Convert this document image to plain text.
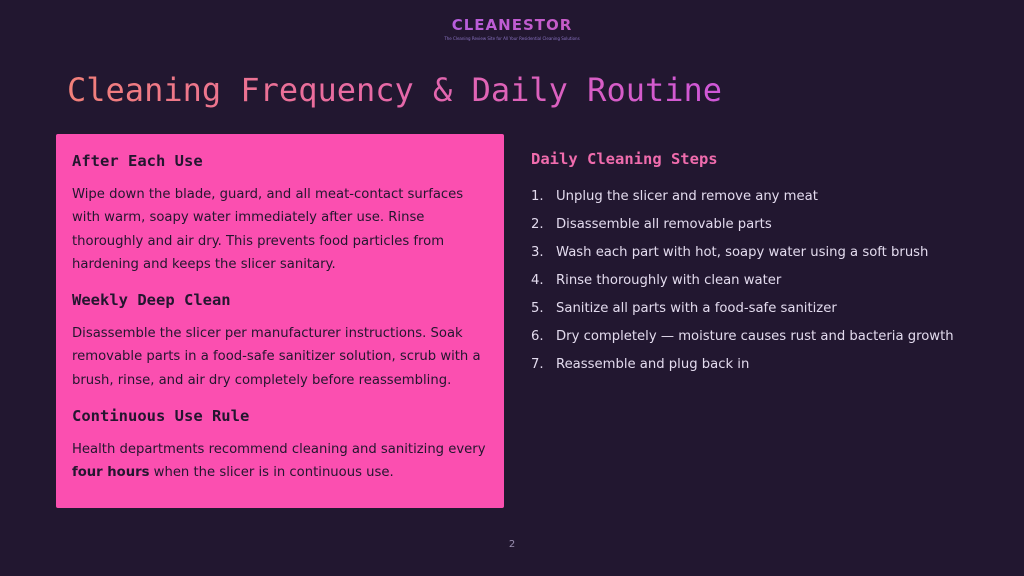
CLEANESTOR
The Cleaning Review Site for All Your Residential Cleaning Solutions
Cleaning Frequency & Daily Routine
After Each Use

Wipe down the blade, guard, and all meat-contact surfaces with warm, soapy water immediately after use. Rinse thoroughly and air dry. This prevents food particles from hardening and keeps the slicer sanitary.

Weekly Deep Clean

Disassemble the slicer per manufacturer instructions. Soak removable parts in a food-safe sanitizer solution, scrub with a brush, rinse, and air dry completely before reassembling.

Continuous Use Rule

Health departments recommend cleaning and sanitizing every four hours when the slicer is in continuous use.

Daily Cleaning Steps
1. Unplug the slicer and remove any meat
2. Disassemble all removable parts
3. Wash each part with hot, soapy water using a soft brush
4. Rinse thoroughly with clean water
5. Sanitize all parts with a food-safe sanitizer
6. Dry completely — moisture causes rust and bacteria growth
7. Reassemble and plug back in
2
